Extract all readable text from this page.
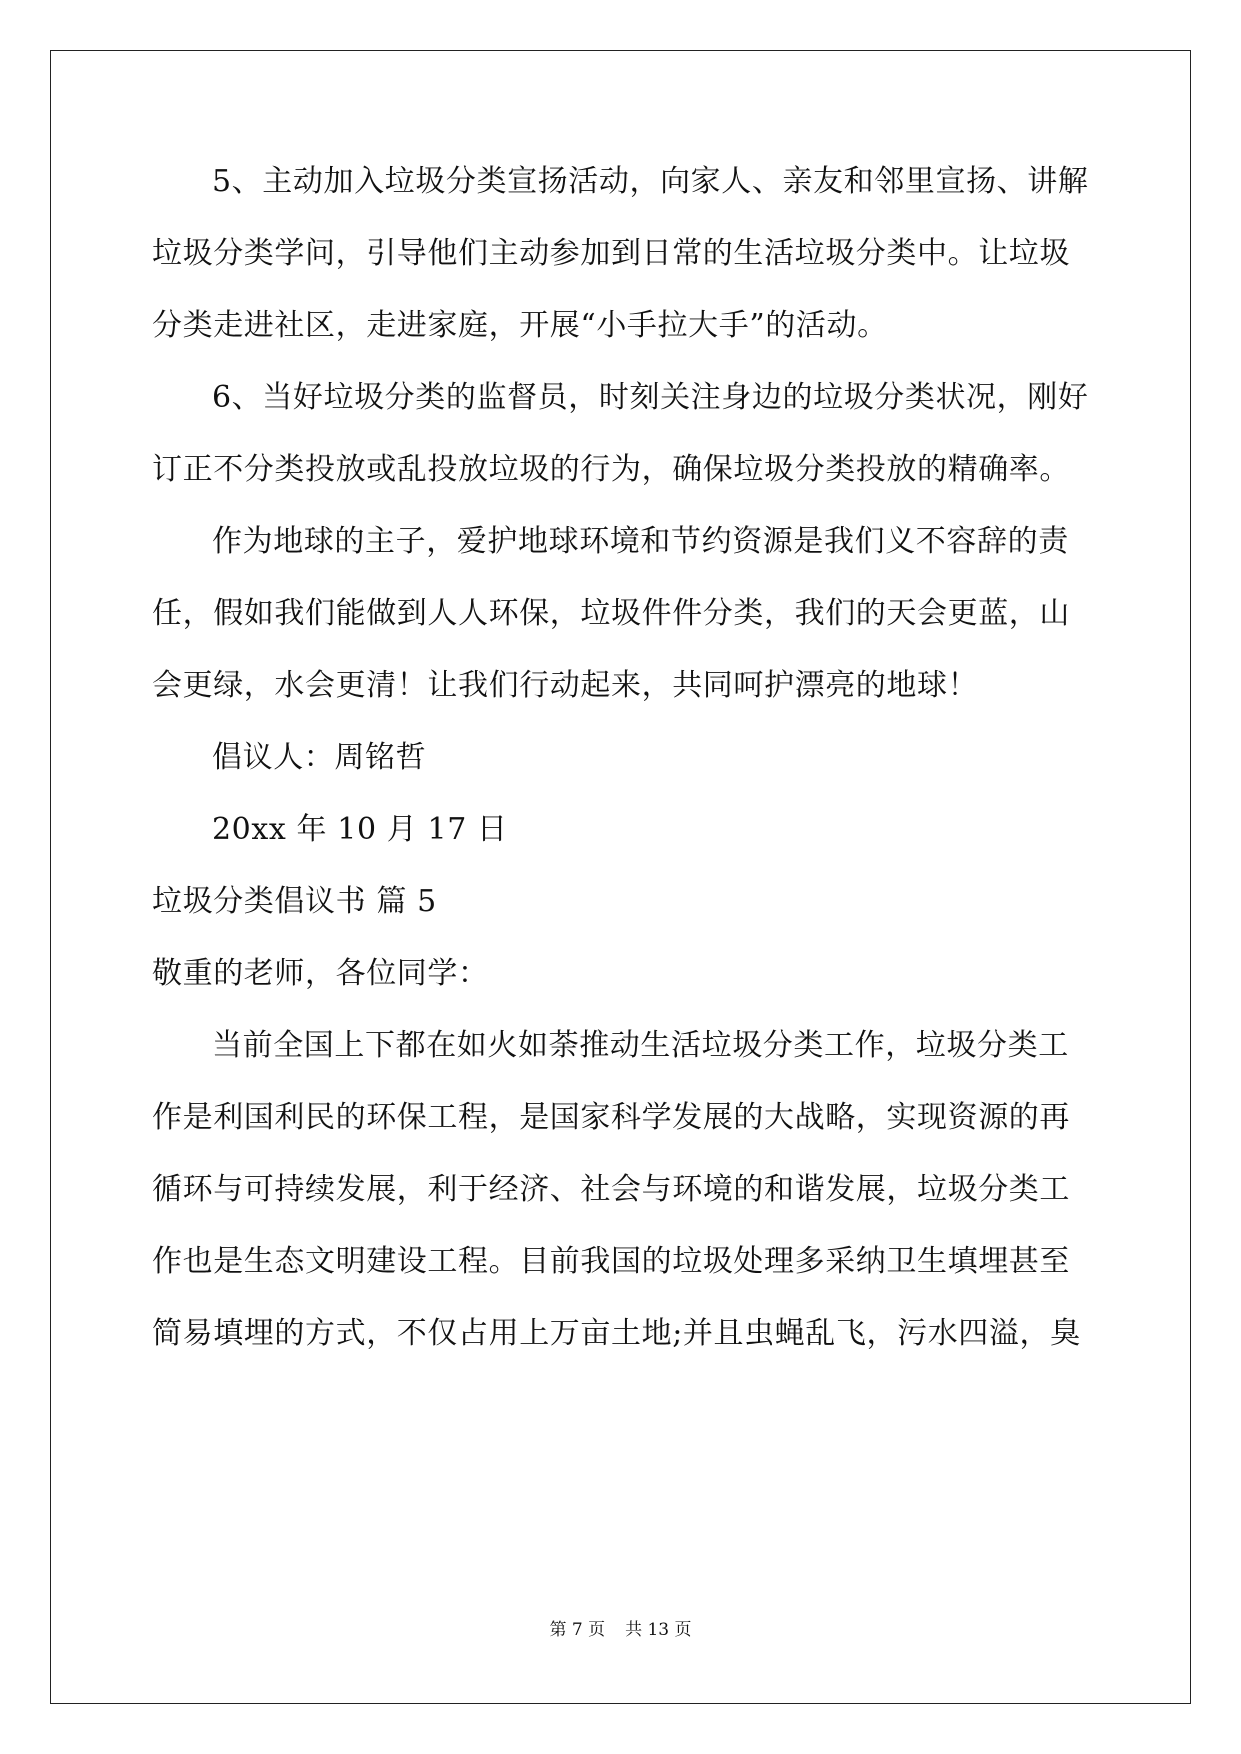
5、主动加入垃圾分类宣扬活动，向家人、亲友和邻里宣扬、讲解
垃圾分类学问，引导他们主动参加到日常的生活垃圾分类中。让垃圾
分类走进社区，走进家庭，开展“小手拉大手”的活动。
6、当好垃圾分类的监督员，时刻关注身边的垃圾分类状况，刚好
订正不分类投放或乱投放垃圾的行为，确保垃圾分类投放的精确率。
作为地球的主子，爱护地球环境和节约资源是我们义不容辞的责
任，假如我们能做到人人环保，垃圾件件分类，我们的天会更蓝，山
会更绿，水会更清！让我们行动起来，共同呵护漂亮的地球！
倡议人：周铭哲
20xx 年 10 月 17 日
垃圾分类倡议书 篇 5
敬重的老师，各位同学：
当前全国上下都在如火如荼推动生活垃圾分类工作，垃圾分类工
作是利国利民的环保工程，是国家科学发展的大战略，实现资源的再
循环与可持续发展，利于经济、社会与环境的和谐发展，垃圾分类工
作也是生态文明建设工程。目前我国的垃圾处理多采纳卫生填埋甚至
简易填埋的方式，不仅占用上万亩土地;并且虫蝇乱飞，污水四溢，臭
第 7 页 共 13 页
